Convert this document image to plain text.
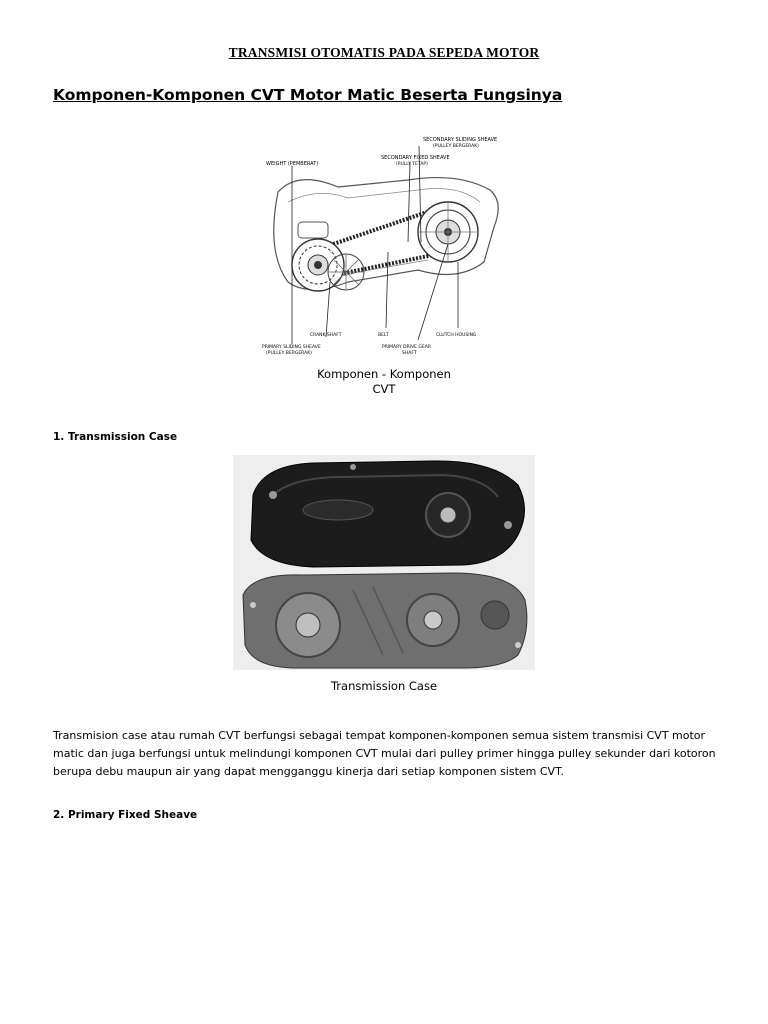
TRANSMISI OTOMATIS PADA SEPEDA MOTOR
Komponen-Komponen CVT Motor Matic Beserta Fungsinya
SECONDARY SLIDING SHEAVE
(PULLEY BERGERAK)
SECONDARY FIXED SHEAVE
(PULLY TETAP)
WEIGHT (PEMBERAT)
CRANK SHAFT	BELT	CLUTCH HOUSING
PRIMARY SLIDING SHEAVE
(PULLEY BERGERAK)
PRIMARY DRIVE GEAR
SHAFT
Komponen - Komponen
CVT
1. Transmission Case
Transmission Case
Transmision case atau rumah CVT berfungsi sebagai tempat komponen-komponen semua sistem transmisi CVT motor matic dan juga berfungsi untuk melindungi komponen CVT mulai dari pulley primer hingga pulley sekunder dari kotoron berupa debu maupun air yang dapat mengganggu kinerja dari setiap komponen sistem CVT.
2. Primary Fixed Sheave
